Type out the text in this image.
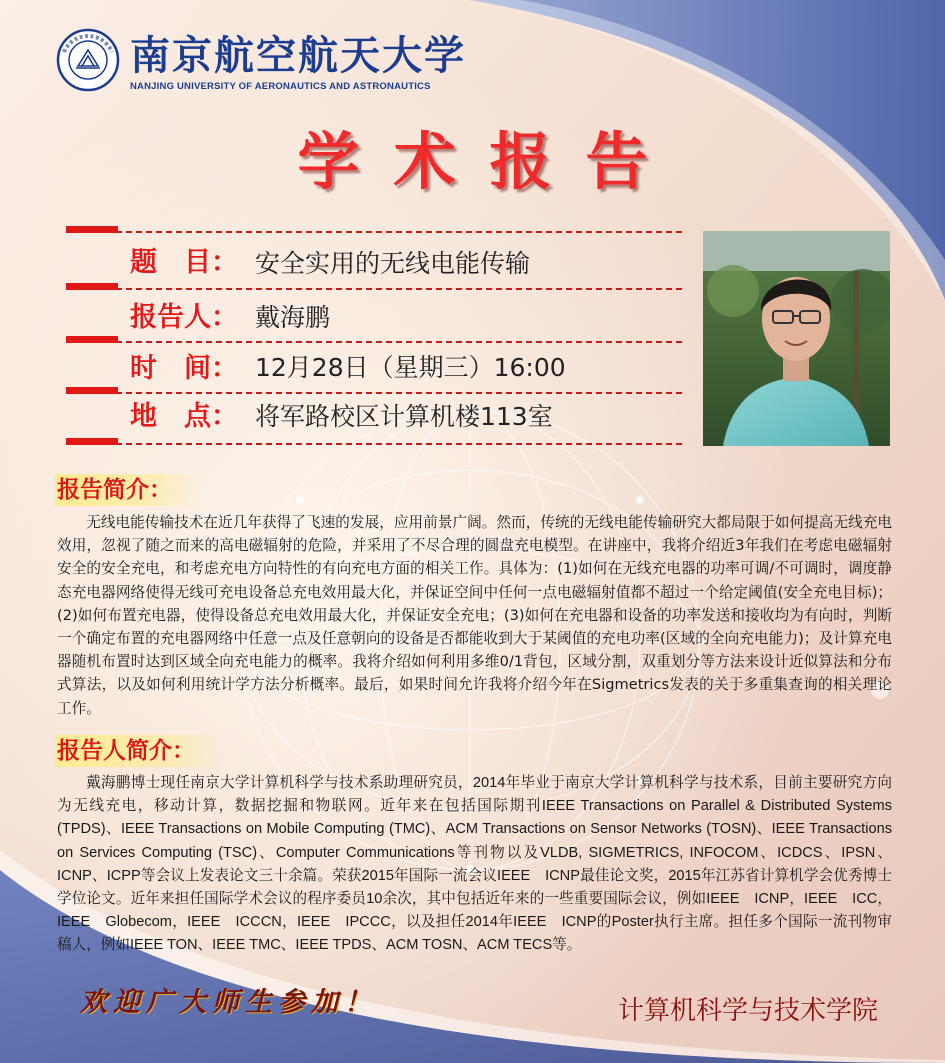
南京航空航天大学
NANJING UNIVERSITY OF AERONAUTICS AND ASTRONAUTICS
学术报告
题　目： 安全实用的无线电能传输
报告人： 戴海鹏
时　间： 12月28日（星期三）16:00
地　点： 将军路校区计算机楼113室
报告简介：
无线电能传输技术在近几年获得了飞速的发展，应用前景广阔。然而，传统的无线电能传输研究大都局限于如何提高无线充电效用，忽视了随之而来的高电磁辐射的危险，并采用了不尽合理的圆盘充电模型。在讲座中，我将介绍近3年我们在考虑电磁辐射安全的安全充电，和考虑充电方向特性的有向充电方面的相关工作。具体为：(1)如何在无线充电器的功率可调/不可调时，调度静态充电器网络使得无线可充电设备总充电效用最大化，并保证空间中任何一点电磁辐射值都不超过一个给定阈值(安全充电目标)；(2)如何布置充电器，使得设备总充电效用最大化，并保证安全充电；(3)如何在充电器和设备的功率发送和接收均为有向时，判断一个确定布置的充电器网络中任意一点及任意朝向的设备是否都能收到大于某阈值的充电功率(区域的全向充电能力)；及计算充电器随机布置时达到区域全向充电能力的概率。我将介绍如何利用多维0/1背包，区域分割，双重划分等方法来设计近似算法和分布式算法，以及如何利用统计学方法分析概率。最后，如果时间允许我将介绍今年在Sigmetrics发表的关于多重集查询的相关理论工作。
报告人简介：
戴海鹏博士现任南京大学计算机科学与技术系助理研究员，2014年毕业于南京大学计算机科学与技术系，目前主要研究方向为无线充电，移动计算，数据挖掘和物联网。近年来在包括国际期刊IEEE Transactions on Parallel & Distributed Systems (TPDS)、IEEE Transactions on Mobile Computing (TMC)、ACM Transactions on Sensor Networks (TOSN)、IEEE Transactions on Services Computing (TSC)、Computer Communications等刊物以及VLDB, SIGMETRICS, INFOCOM、ICDCS、IPSN、ICNP、ICPP等会议上发表论文三十余篇。荣获2015年国际一流会议IEEE　ICNP最佳论文奖，2015年江苏省计算机学会优秀博士学位论文。近年来担任国际学术会议的程序委员10余次，其中包括近年来的一些重要国际会议，例如IEEE　ICNP，IEEE　ICC，IEEE　Globecom，IEEE　ICCCN，IEEE　IPCCC，以及担任2014年IEEE　ICNP的Poster执行主席。担任多个国际一流刊物审稿人，例如IEEE TON、IEEE TMC、IEEE TPDS、ACM TOSN、ACM TECS等。
欢迎广大师生参加！	计算机科学与技术学院
